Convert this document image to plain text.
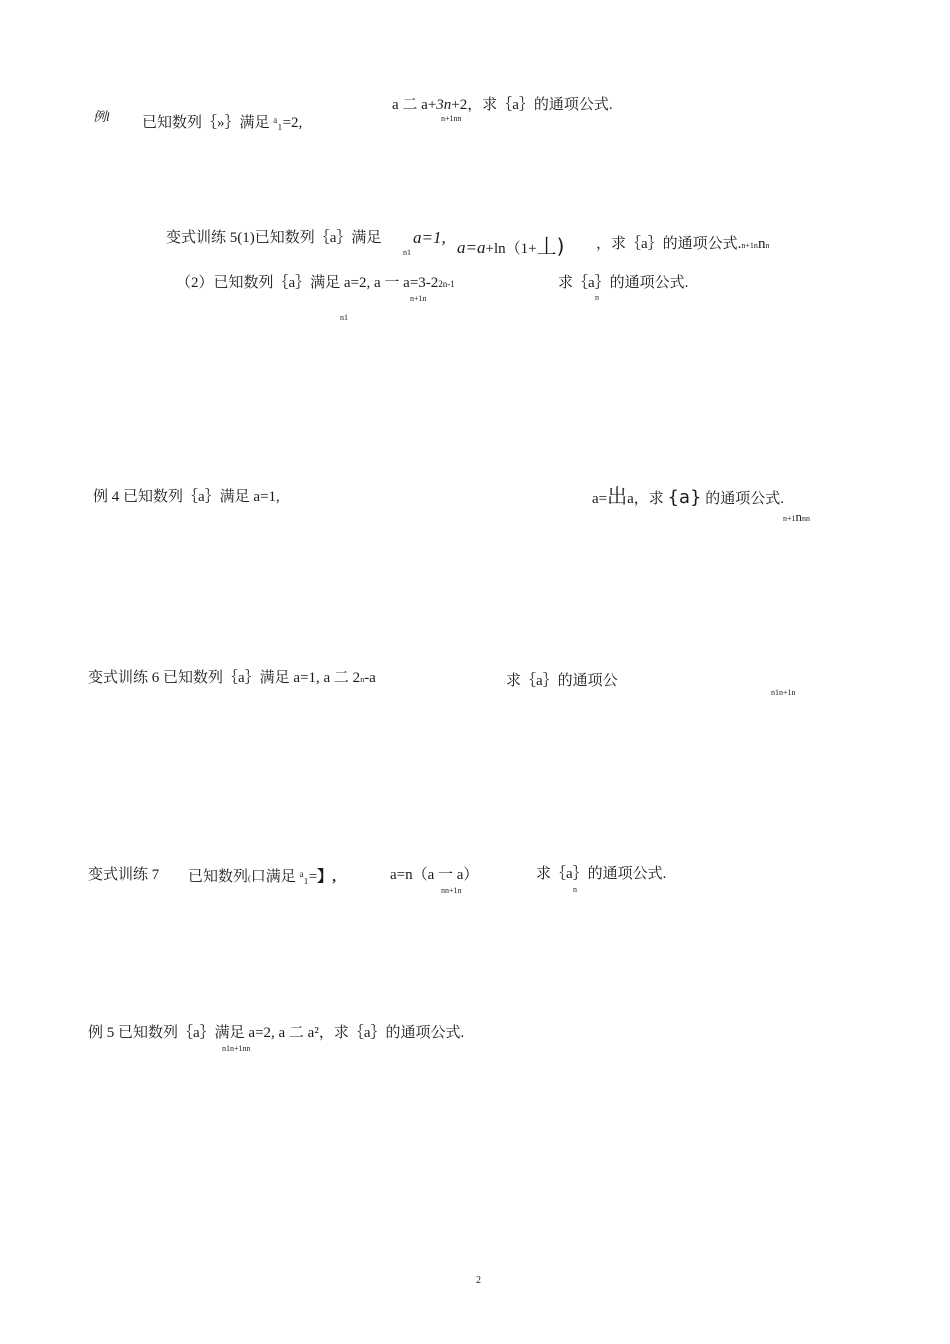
例l 已知数列｛»｝满足 ᵃ₁=2,
a 二 a+3n+2，求｛a｝的通项公式.
n+1nn
变式训练 5(1)已知数列｛a｝满足 a=1,
n1	a=a+ln（1+丄) ，求｛a｝的通项公式.n+1nnn
（2）已知数列｛a｝满足 a=2, a 一 a=3-22n-1
n+1n
n1
求｛a｝的通项公式.
n
例 4 已知数列｛a｝满足 a=1,	a=出a，求 {a} 的通项公式.
n+1nnn
变式训练 6 已知数列｛a｝满足 a=1, a 二 2n-a	求｛a｝的通项公
n1n+1n
变式训练 7 已知数列(口满足 ᵃ₁=】,	a=n（a 一 a）
nn+1n
求｛a｝的通项公式.
n
例 5 已知数列｛a｝满足 a=2, a 二 a²，求｛a｝的通项公式.
n1n+1nn
2
